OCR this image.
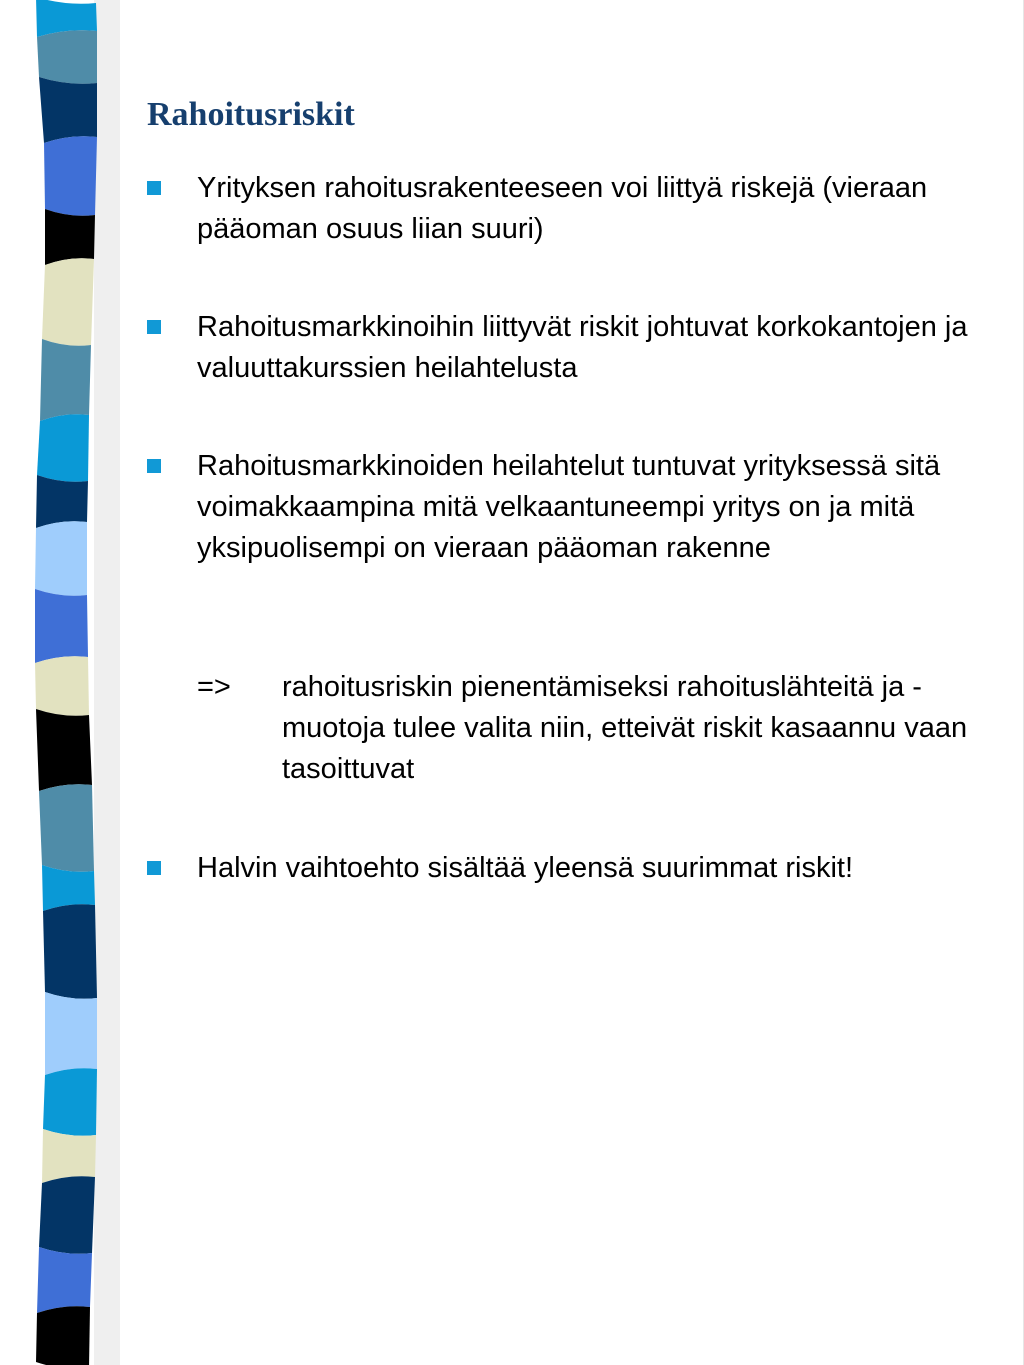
Rahoitusriskit
Yrityksen rahoitusrakenteeseen voi liittyä riskejä (vieraan pääoman osuus liian suuri)
Rahoitusmarkkinoihin liittyvät riskit johtuvat korkokantojen ja valuuttakurssien heilahtelusta
Rahoitusmarkkinoiden heilahtelut tuntuvat yrityksessä sitä voimakkaampina mitä velkaantuneempi yritys on ja mitä yksipuolisempi on vieraan pääoman rakenne
Halvin vaihtoehto sisältää yleensä suurimmat riskit!
=> rahoitusriskin pienentämiseksi rahoituslähteitä ja -muotoja tulee valita niin, etteivät riskit kasaannu vaan tasoittuvat
